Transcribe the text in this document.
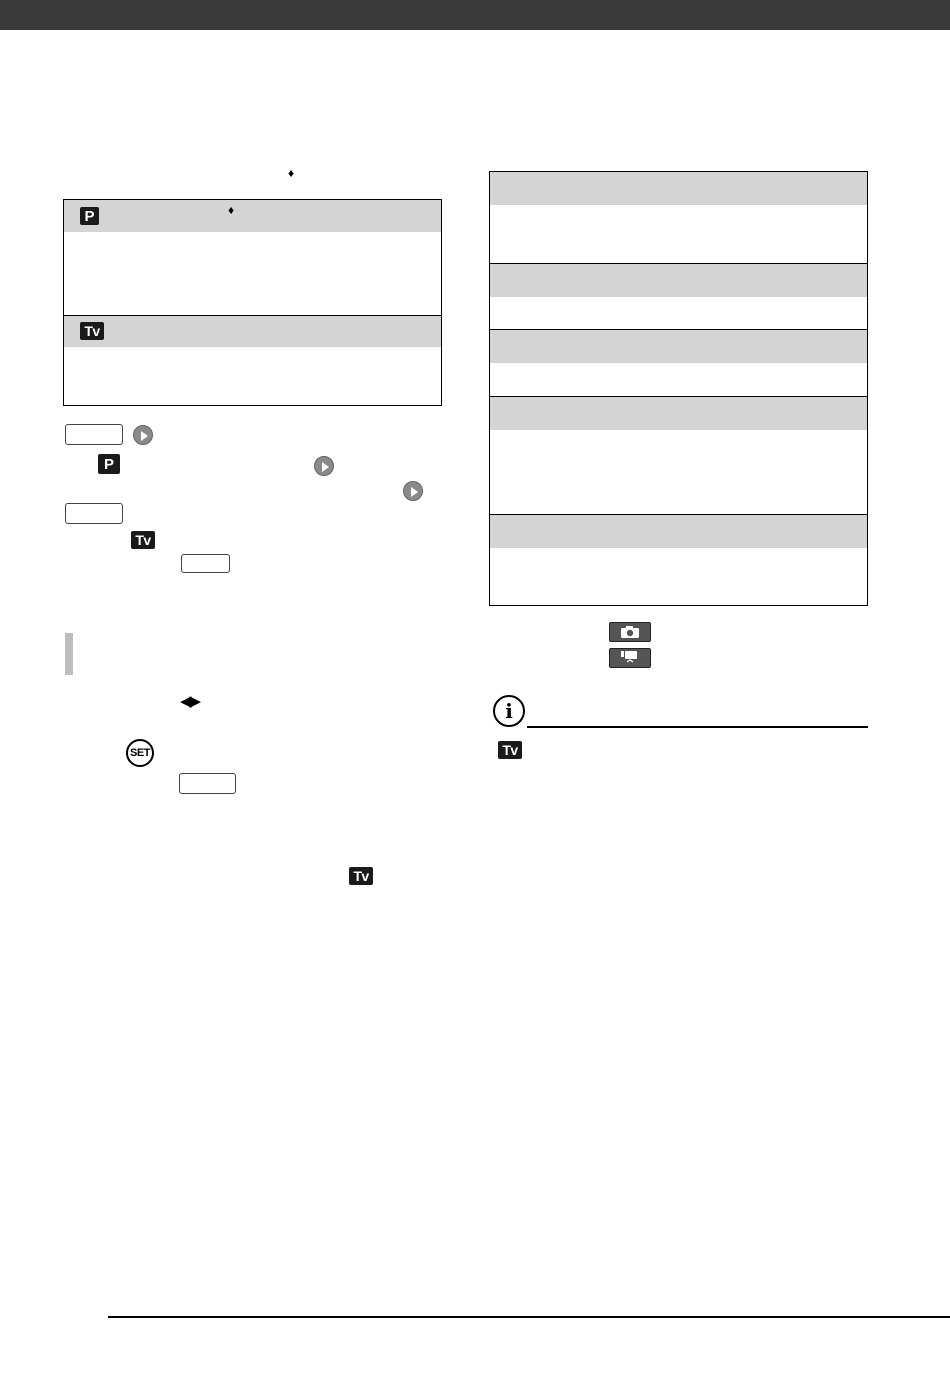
♦
P	♦
Tv
P
Tv
◀▶
SET
Tv
i
Tv
